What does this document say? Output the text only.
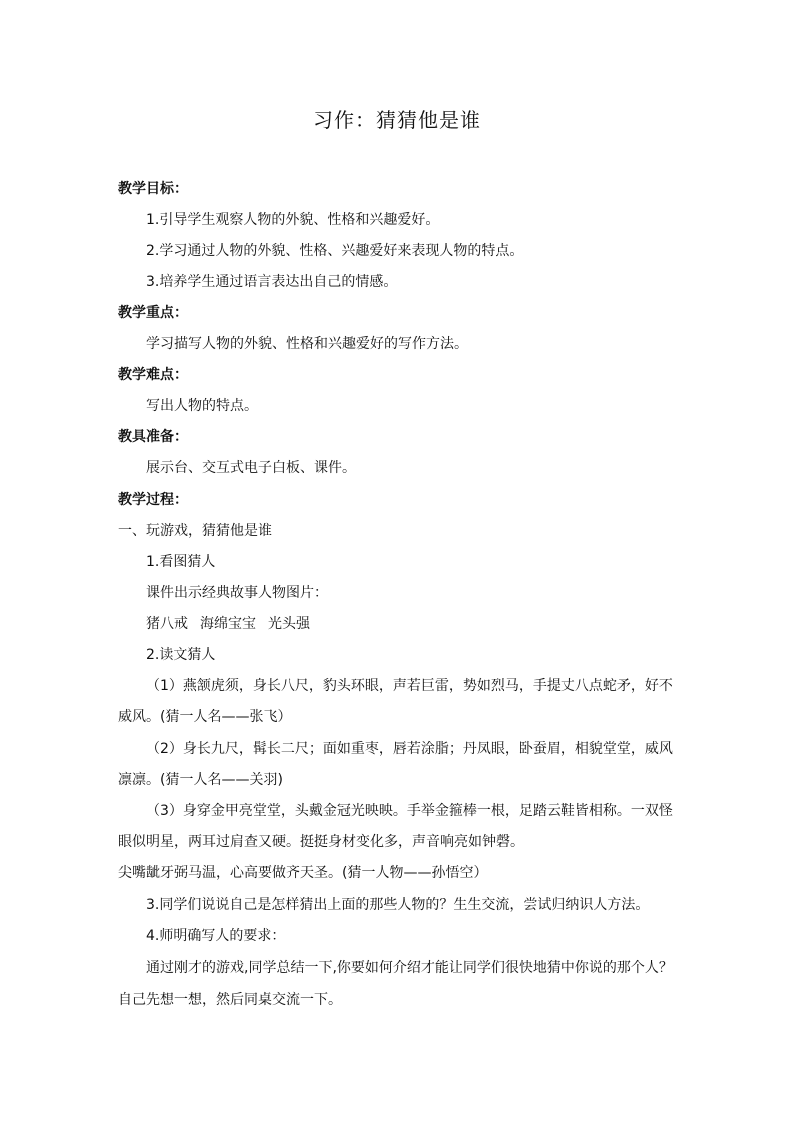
习作：猜猜他是谁
教学目标：
1.引导学生观察人物的外貌、性格和兴趣爱好。
2.学习通过人物的外貌、性格、兴趣爱好来表现人物的特点。
3.培养学生通过语言表达出自己的情感。
教学重点：
学习描写人物的外貌、性格和兴趣爱好的写作方法。
教学难点：
写出人物的特点。
教具准备：
展示台、交互式电子白板、课件。
教学过程：
一、玩游戏，猜猜他是谁
1.看图猜人
课件出示经典故事人物图片：
猪八戒 海绵宝宝 光头强
2.读文猜人
（1）燕颔虎须，身长八尺，豹头环眼，声若巨雷，势如烈马，手提丈八点蛇矛，好不
威风。(猜一人名——张飞）
（2）身长九尺，髯长二尺；面如重枣，唇若涂脂；丹凤眼，卧蚕眉，相貌堂堂，威风
凛凛。(猜一人名——关羽)
（3）身穿金甲亮堂堂，头戴金冠光映映。手举金箍棒一根，足踏云鞋皆相称。一双怪
眼似明星，两耳过肩查又硬。挺挺身材变化多，声音响亮如钟磬。
尖嘴龇牙弼马温，心高要做齐天圣。(猜一人物——孙悟空）
3.同学们说说自己是怎样猜出上面的那些人物的？生生交流，尝试归纳识人方法。
4.师明确写人的要求：
通过刚才的游戏,同学总结一下,你要如何介绍才能让同学们很快地猜中你说的那个人？
自己先想一想，然后同桌交流一下。
